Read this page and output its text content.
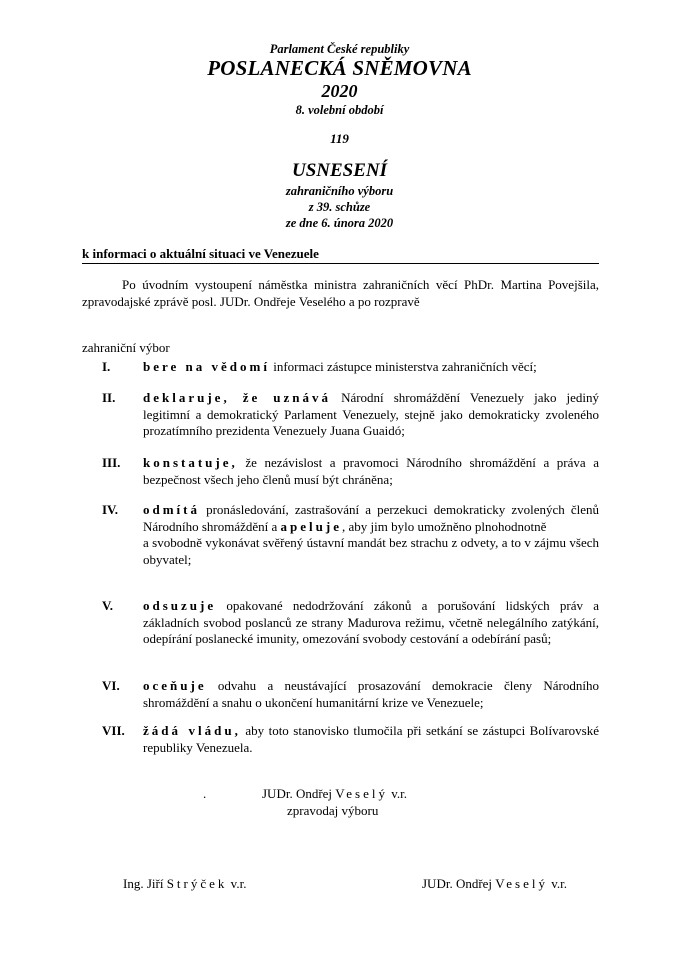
Parlament České republiky
POSLANECKÁ SNĚMOVNA
2020
8. volební období
119
USNESENÍ
zahraničního výboru
z 39. schůze
ze dne 6. února 2020
k informaci o aktuální situaci ve Venezuele
Po úvodním vystoupení náměstka ministra zahraničních věcí PhDr. Martina Povejšila, zpravodajské zprávě posl. JUDr. Ondřeje Veselého a po rozpravě
zahraniční výbor
I.	bere na vědomí informaci zástupce ministerstva zahraničních věcí;
II. deklaruje, že uznává Národní shromáždění Venezuely jako jediný legitimní a demokratický Parlament Venezuely, stejně jako demokraticky zvoleného prozatímního prezidenta Venezuely Juana Guaidó;
III. konstatuje, že nezávislost a pravomoci Národního shromáždění a práva a bezpečnost všech jeho členů musí být chráněna;
IV. odmítá pronásledování, zastrašování a perzekuci demokraticky zvolených členů Národního shromáždění a apeluje, aby jim bylo umožněno plnohodnotně
a svobodně vykonávat svěřený ústavní mandát bez strachu z odvety, a to v zájmu všech obyvatel;
V. odsuzuje opakované nedodržování zákonů a porušování lidských práv a základních svobod poslanců ze strany Madurova režimu, včetně nelegálního zatýkání, odepírání poslanecké imunity, omezování svobody cestování a odebírání pasů;
VI. oceňuje odvahu a neustávající prosazování demokracie členy Národního shromáždění a snahu o ukončení humanitární krize ve Venezuele;
VII. žádá vládu, aby toto stanovisko tlumočila při setkání se zástupci Bolívarovské republiky Venezuela.
.	JUDr. Ondřej Veselý v.r.
zpravodaj výboru
Ing. Jiří Strýček v.r.	JUDr. Ondřej Veselý v.r.
